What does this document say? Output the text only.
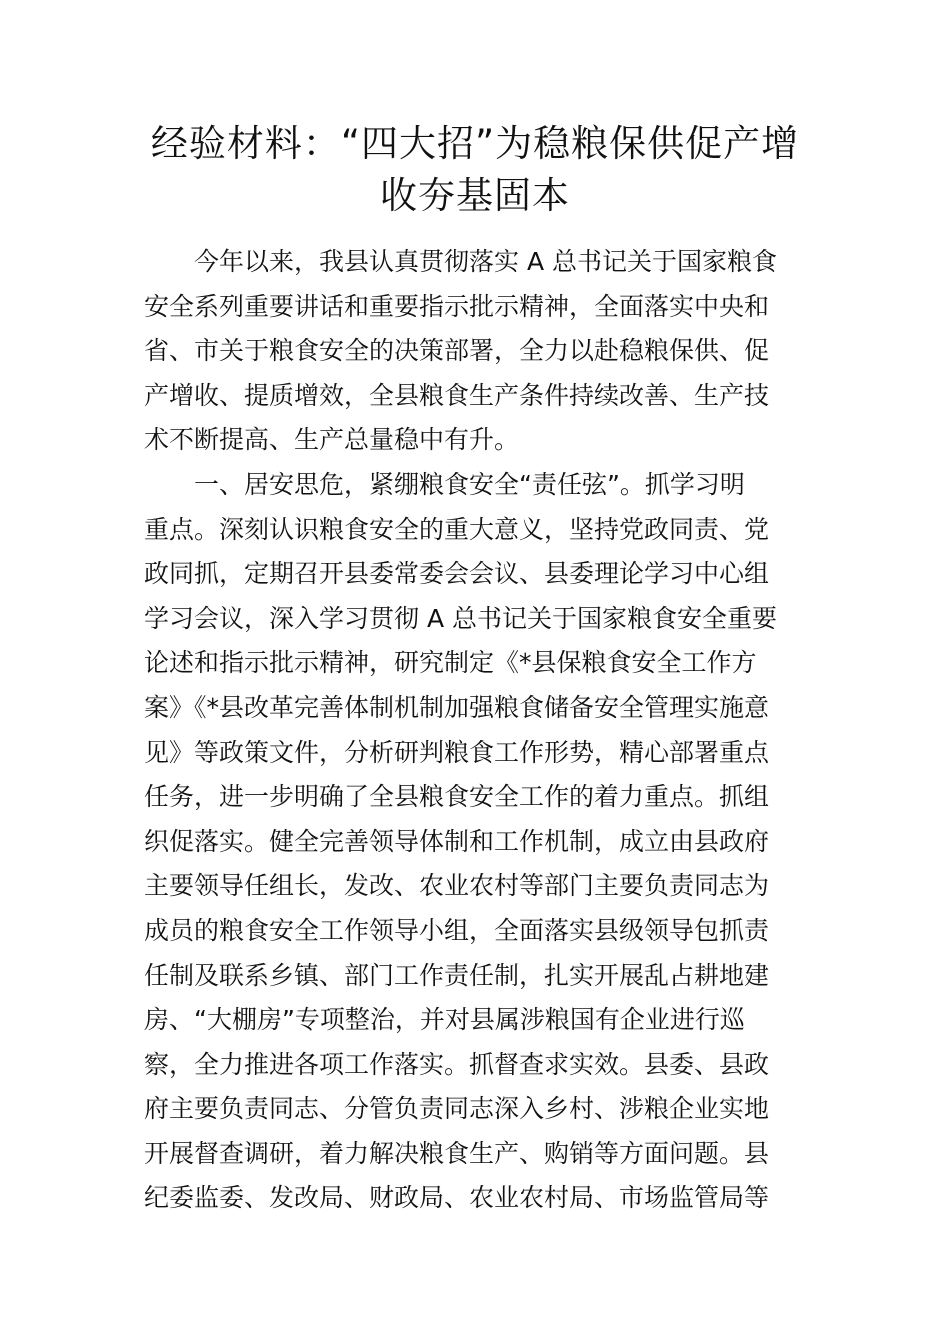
经验材料：“四大招”为稳粮保供促产增
收夯基固本
今年以来，我县认真贯彻落实 A 总书记关于国家粮食
安全系列重要讲话和重要指示批示精神，全面落实中央和
省、市关于粮食安全的决策部署，全力以赴稳粮保供、促
产增收、提质增效，全县粮食生产条件持续改善、生产技
术不断提高、生产总量稳中有升。
一、居安思危，紧绷粮食安全“责任弦”。抓学习明
重点。深刻认识粮食安全的重大意义，坚持党政同责、党
政同抓，定期召开县委常委会会议、县委理论学习中心组
学习会议，深入学习贯彻 A 总书记关于国家粮食安全重要
论述和指示批示精神，研究制定《*县保粮食安全工作方
案》《*县改革完善体制机制加强粮食储备安全管理实施意
见》等政策文件，分析研判粮食工作形势，精心部署重点
任务，进一步明确了全县粮食安全工作的着力重点。抓组
织促落实。健全完善领导体制和工作机制，成立由县政府
主要领导任组长，发改、农业农村等部门主要负责同志为
成员的粮食安全工作领导小组，全面落实县级领导包抓责
任制及联系乡镇、部门工作责任制，扎实开展乱占耕地建
房、“大棚房”专项整治，并对县属涉粮国有企业进行巡
察，全力推进各项工作落实。抓督查求实效。县委、县政
府主要负责同志、分管负责同志深入乡村、涉粮企业实地
开展督查调研，着力解决粮食生产、购销等方面问题。县
纪委监委、发改局、财政局、农业农村局、市场监管局等
